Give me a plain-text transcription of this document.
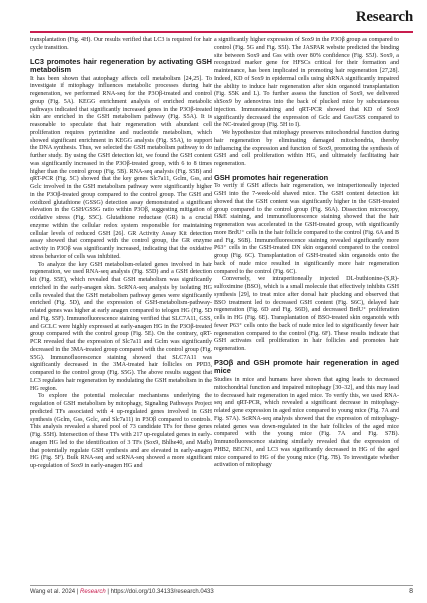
Research

transplantation (Fig. 4H). Our results verified that LC3 is required for hair cycle transition.

LC3 promotes hair regeneration by activating GSH metabolism

It has been shown that autophagy affects cell metabolism [24,25]. To investigate if mitophagy influences metabolic processes during hair regeneration, we performed RNA-seq for the P3Oβ-treated and control group (Fig. 5A). KEGG enrichment analysis of enriched metabolic pathways indicated that significantly increased genes in the P3Oβ-treated skin are enriched in the GSH metabolism pathway (Fig. S5A). It is reasonable to speculate that hair regeneration with abundant cell proliferation requires pyrimidine and nucleotide metabolism, which showed significant enrichment in KEGG analysis (Fig. S5A), to support the DNA synthesis. Thus, we selected the GSH metabolism pathway to do further study. By using the GSH detection kit, we found the GSH content was significantly increased in the P3Oβ-treated group, with 6 to 8 times higher than the control group (Fig. 5B). RNA-seq analysis (Fig. S5B) and qRT-PCR (Fig. 5C) showed that the key genes Slc7a11, Gclm, Gss, and Gclc involved in the GSH metabolism pathway were significantly higher in the P3Oβ-treated group compared to the control group. The GSH and oxidized glutathione (GSSG) detection assay demonstrated a significant elevation in the GSH/GSSG ratio within P3Oβ, suggesting mitigation of oxidative stress (Fig. S5C). Glutathione reductase (GR) is a crucial enzyme within the cellular redox system responsible for maintaining cellular levels of reduced GSH [26]. GR Activity Assay Kit detection assay showed that compared with the control group, the GR enzyme activity in P3Oβ was significantly increased, indicating that the oxidative stress behavior of cells was inhibited.

To analyze the key GSH metabolism-related genes involved in hair regeneration, we used RNA-seq analysis (Fig. S5D) and a GSH detection kit (Fig. S5E), which revealed that GSH metabolism was significantly enriched in the early-anagen skin. ScRNA-seq analysis by isolating HG cells revealed that the GSH metabolism pathway genes were significantly enriched (Fig. 5D), and the expression of GSH-metabolism-pathway-related genes was higher at early anagen compared to telogen HG (Fig. 5D and Fig. S5F). Immunofluorescence staining verified that SLC7A11, GSS, and GCLC were highly expressed at early-anagen HG in the P3Oβ-treated group compared with the control group (Fig. 5E). On the contrary, qRT-PCR revealed that the expression of Slc7a11 and Gclm was significantly decreased in the 3MA-treated group compared with the control group (Fig. S5G). Immunofluorescence staining showed that SLC7A11 was significantly decreased in the 3MA-treated hair follicles on PPD3, compared to the control group (Fig. S5G). The above results suggest that LC3 regulates hair regeneration by modulating the GSH metabolism in the HG region.

To explore the potential molecular mechanisms underlying the regulation of GSH metabolism by mitophagy, Signaling Pathways Project predicted TFs associated with 4 up-regulated genes involved in GSH synthesis (Gclm, Gss, Gclc, and Slc7a11) in P3Oβ compared to controls. This analysis revealed a shared pool of 73 candidate TFs for these genes (Fig. S5H). Intersection of these TFs with 217 up-regulated genes in early-anagen HG led to the identification of 3 TFs (Sox9, Bhlhe40, and Mafb) that potentially regulate GSH synthesis and are elevated in early-anagen HG (Fig. 5F). Bulk RNA-seq and scRNA-seq showed a more significant up-regulation of Sox9 in early-anagen HG and

a significantly higher expression of Sox9 in the P3Oβ group as compared to control (Fig. 5G and Fig. S5I). The JASPAR website predicted the binding site between Sox9 and Gss with over 80% confidence (Fig. S5J). Sox9, a recognized marker gene for HFSCs critical for their formation and maintenance, has been implicated in promoting hair regeneration [27,28]. Indeed, KD of Sox9 in epidermal cells using shRNA significantly impaired the ability to induce hair regeneration after skin organoid transplantation (Fig. S5K and L). To further assess the function of Sox9, we delivered shSox9 by adenovirus into the back of plucked mice by subcutaneous injection. Immunostaining and qRT-PCR showed that KD of Sox9 significantly decreased the expression of Gclc and Gss/GSS compared to the NC-treated group (Fig. 5H to I).

We hypothesize that mitophagy preserves mitochondrial function during hair regeneration by eliminating damaged mitochondria, thereby influencing the expression and function of Sox9, promoting the synthesis of GSH and cell proliferation within HG, and ultimately facilitating hair regeneration.

GSH promotes hair regeneration

To verify if GSH affects hair regeneration, we intraperitoneally injected GSH into the 7-week-old shaved mice. The GSH content detection kit showed that the GSH content was significantly higher in the GSH-treated group compared to the control group (Fig. S6A). Dissection microscopy, H&E staining, and immunofluorescence staining showed that the hair regeneration was accelerated in the GSH-treated group, with significantly more BrdU⁺ cells in the hair follicle compared to the control (Fig. 6A and B and Fig. S6B). Immunofluorescence staining revealed significantly more P63⁺ cells in the GSH-treated DN skin organoid compared to the control group (Fig. 6C). Transplantation of GSH-treated skin organoids onto the back of nude mice resulted in significantly more hair regeneration compared to the control (Fig. 6C).

Conversely, we intraperitoneally injected DL-buthionine-(S,R)-sulfoximine (BSO), which is a small molecule that effectively inhibits GSH synthesis [29], to treat mice after dorsal hair plucking and observed that BSO treatment led to decreased GSH content (Fig. S6C), delayed hair regeneration (Fig. 6D and Fig. S6D), and decreased BrdU⁺ proliferation cells in HG (Fig. 6E). Transplantation of BSO-treated skin organoids with fewer P63⁺ cells onto the back of nude mice led to significantly fewer hair regeneration compared to the control (Fig. 6F). These results indicate that GSH activates cell proliferation in hair follicles and promotes hair regeneration.

P3Oβ and GSH promote hair regeneration in aged mice

Studies in mice and humans have shown that aging leads to decreased mitochondrial function and impaired mitophagy [30–32], and this may lead to decreased hair regeneration in aged mice. To verify this, we used RNA-seq and qRT-PCR, which revealed a significant decrease in mitophagy-related gene expression in aged mice compared to young mice (Fig. 7A and Fig. S7A). ScRNA-seq analysis showed that the expression of mitophagy-related genes was down-regulated in the hair follicles of the aged mice compared with the young mice (Fig. 7A and Fig. S7B). Immunofluorescence staining similarly revealed that the expression of PHB2, BECN1, and LC3 was significantly decreased in HG of the aged mice compared to HG of the young mice (Fig. 7B). To investigate whether activation of mitophagy

Wang et al. 2024 | Research | https://doi.org/10.34133/research.0433	8
